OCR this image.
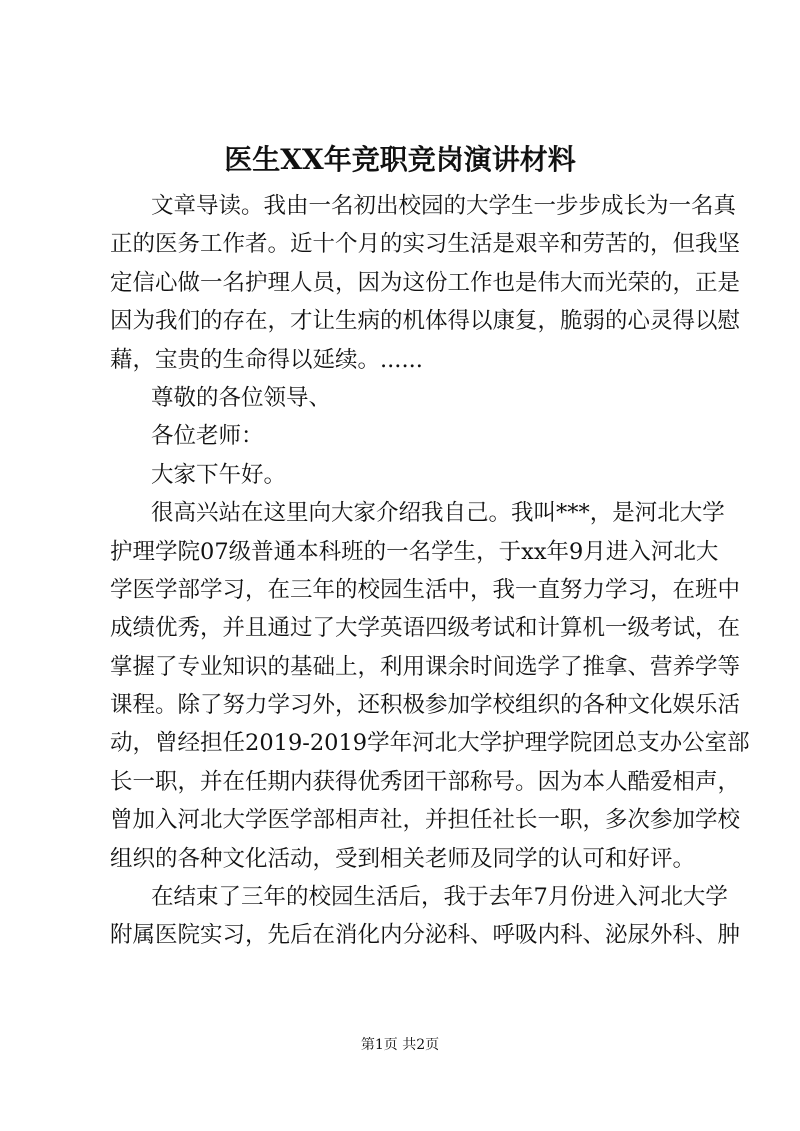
医生XX年竞职竞岗演讲材料
文章导读。我由一名初出校园的大学生一步步成长为一名真
正的医务工作者。近十个月的实习生活是艰辛和劳苦的，但我坚
定信心做一名护理人员，因为这份工作也是伟大而光荣的，正是
因为我们的存在，才让生病的机体得以康复，脆弱的心灵得以慰
藉，宝贵的生命得以延续。......
尊敬的各位领导、
各位老师：
大家下午好。
很高兴站在这里向大家介绍我自己。我叫***，是河北大学
护理学院07级普通本科班的一名学生，于xx年9月进入河北大
学医学部学习，在三年的校园生活中，我一直努力学习，在班中
成绩优秀，并且通过了大学英语四级考试和计算机一级考试，在
掌握了专业知识的基础上，利用课余时间选学了推拿、营养学等
课程。除了努力学习外，还积极参加学校组织的各种文化娱乐活
动，曾经担任2019-2019学年河北大学护理学院团总支办公室部
长一职，并在任期内获得优秀团干部称号。因为本人酷爱相声，
曾加入河北大学医学部相声社，并担任社长一职，多次参加学校
组织的各种文化活动，受到相关老师及同学的认可和好评。
在结束了三年的校园生活后，我于去年7月份进入河北大学
附属医院实习，先后在消化内分泌科、呼吸内科、泌尿外科、肿
第1页 共2页
